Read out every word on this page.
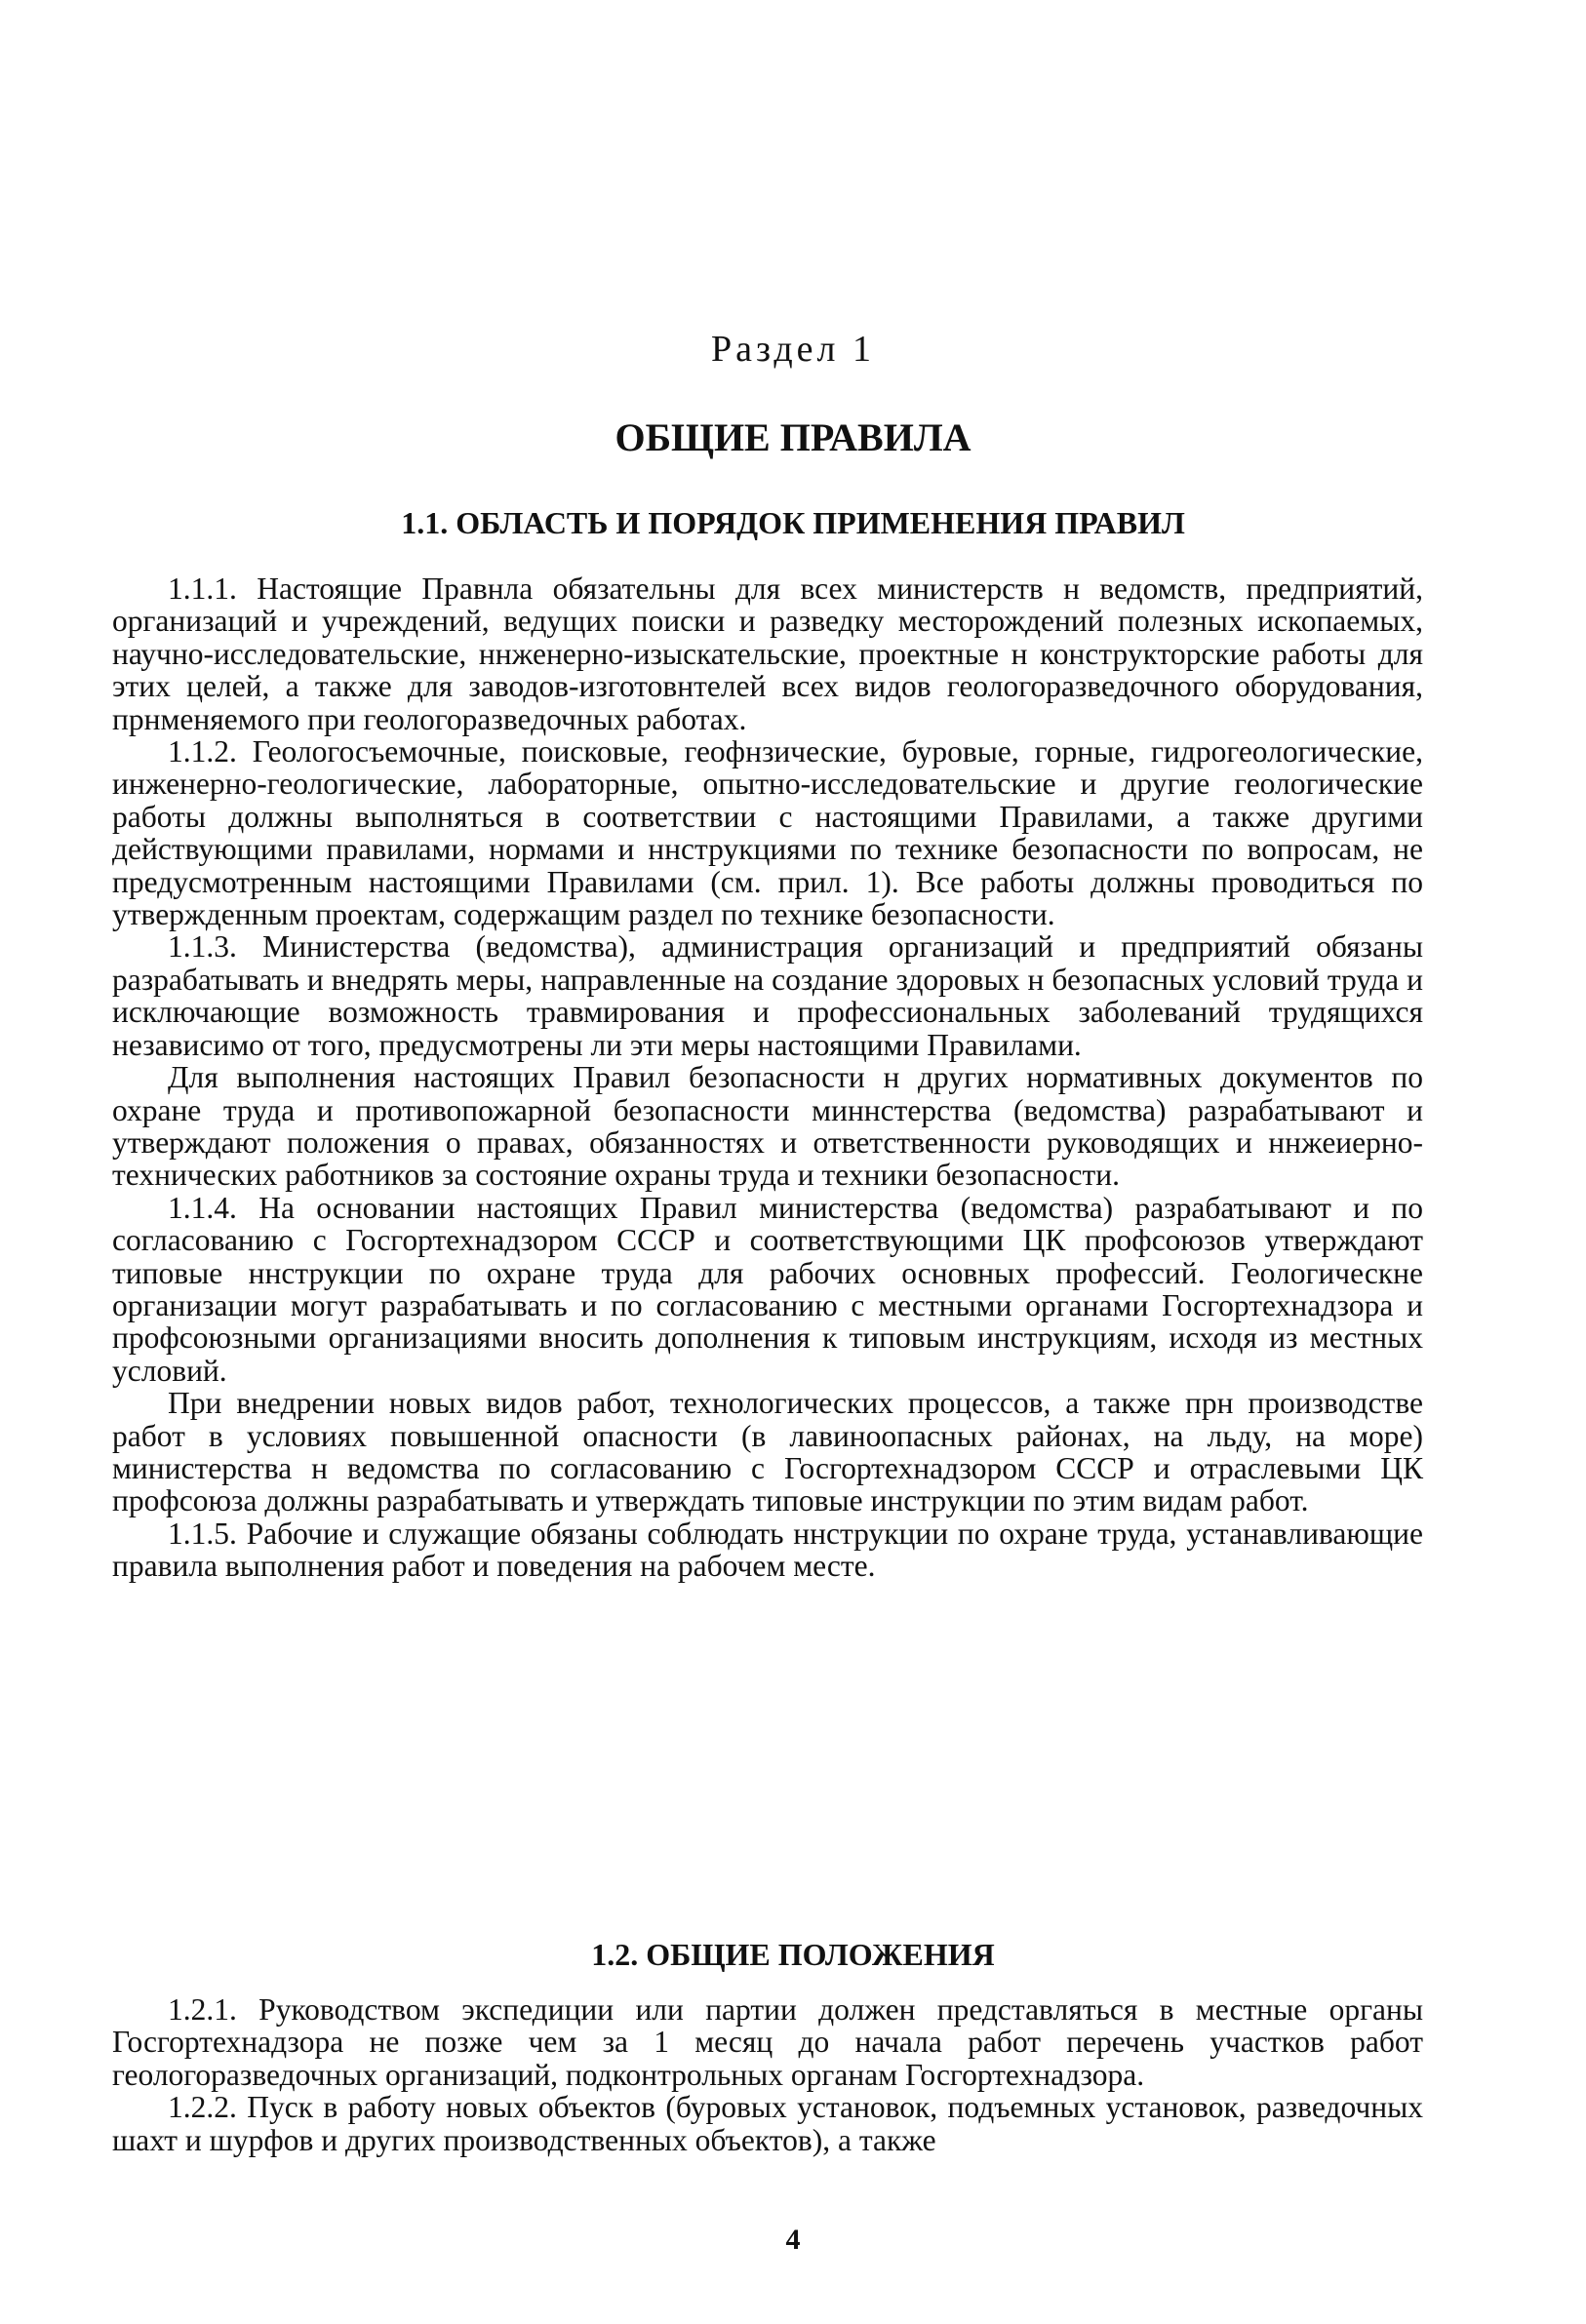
Раздел 1
ОБЩИЕ ПРАВИЛА
1.1. ОБЛАСТЬ И ПОРЯДОК ПРИМЕНЕНИЯ ПРАВИЛ

1.1.1. Настоящие Правнла обязательны для всех министерств н ведомств, предприятий, организаций и учреждений, ведущих поиски и разведку месторождений полезных ископаемых, научно-исследовательские, ннженерно-изыскательские, проектные н конструкторские работы для этих целей, а также для заводов-изготовнтелей всех видов геологоразведочного оборудования, прнменяемого при геологоразведочных работах.

1.1.2. Геологосъемочные, поисковые, геофнзические, буровые, горные, гидрогеологические, инженерно-геологические, лабораторные, опытно-исследовательские и другие геологические работы должны выполняться в соответствии с настоящими Правилами, а также другими действующими правилами, нормами и ннструкциями по технике безопасности по вопросам, не предусмотренным настоящими Правилами (см. прил. 1). Все работы должны проводиться по утвержденным проектам, содержащим раздел по технике безопасности.

1.1.3. Министерства (ведомства), администрация организаций и предприятий обязаны разрабатывать и внедрять меры, направленные на создание здоровых н безопасных условий труда и исключающие возможность травмирования и профессиональных заболеваний трудящихся независимо от того, предусмотрены ли эти меры настоящими Правилами.

Для выполнения настоящих Правил безопасности н других нормативных документов по охране труда и противопожарной безопасности миннстерства (ведомства) разрабатывают и утверждают положения о правах, обязанностях и ответственности руководящих и ннжеиерно-технических работников за состояние охраны труда и техники безопасности.

1.1.4. На основании настоящих Правил министерства (ведомства) разрабатывают и по согласованию с Госгортехнадзором СССР и соответствующими ЦК профсоюзов утверждают типовые ннструкции по охране труда для рабочих основных профессий. Геологическне организации могут разрабатывать и по согласованию с местными органами Госгортехнадзора и профсоюзными организациями вносить дополнения к типовым инструкциям, исходя из местных условий.

При внедрении новых видов работ, технологических процессов, а также прн производстве работ в условиях повышенной опасности (в лавиноопасных районах, на льду, на море) министерства н ведомства по согласованию с Госгортехнадзором СССР и отраслевыми ЦК профсоюза должны разрабатывать и утверждать типовые инструкции по этим видам работ.

1.1.5. Рабочие и служащие обязаны соблюдать ннструкции по охране труда, устанавливающие правила выполнения работ и поведения на рабочем месте.

1.2. ОБЩИЕ ПОЛОЖЕНИЯ

1.2.1. Руководством экспедиции или партии должен представляться в местные органы Госгортехнадзора не позже чем за 1 месяц до начала работ перечень участков работ геологоразведочных организаций, подконтрольных органам Госгортехнадзора.

1.2.2. Пуск в работу новых объектов (буровых установок, подъемных установок, разведочных шахт и шурфов и других производственных объектов), а также

4
